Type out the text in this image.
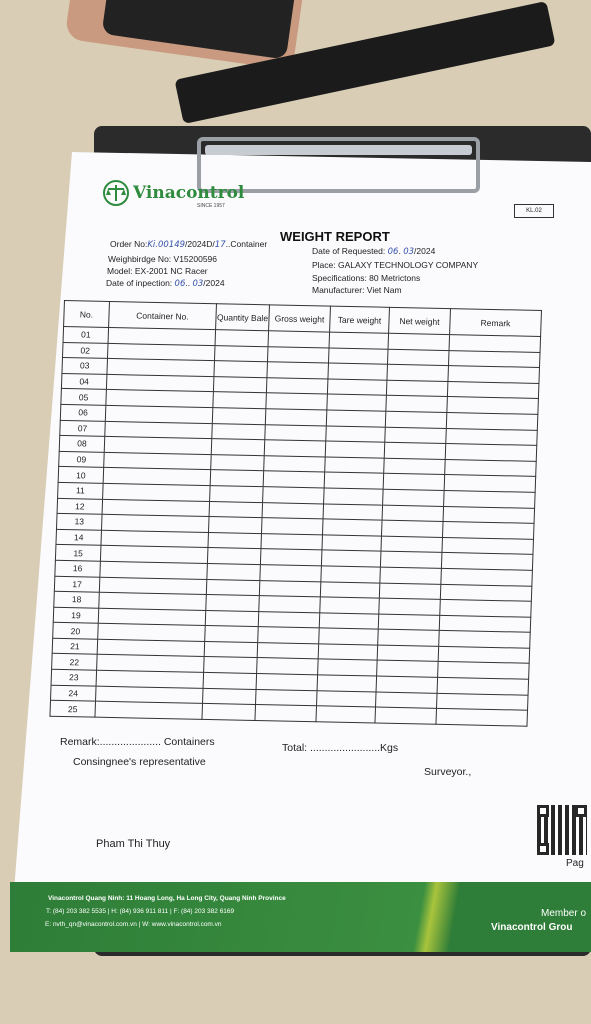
Vinacontrol
SINCE 1957
KL.02
WEIGHT REPORT
Order No:Ki.00149/2024D/17..Container
Weighbirdge No: V15200596
Model: EX-2001 NC Racer
Date of inpection: 06.. 03/2024
Date of Requested: 06. 03/2024
Place: GALAXY TECHNOLOGY COMPANY
Specifications: 80 Metrictons
Manufacturer: Viet Nam
No.	Container No.	Quantity Bale	Gross weight	Tare weight	Net weight	Remark
01						
02						
03						
04						
05						
06						
07						
08						
09						
10						
11						
12						
13						
14						
15						
16						
17						
18						
19						
20						
21						
22						
23						
24						
25						
Remark:..................... Containers	Total: ........................Kgs
Consingnee's representative
Surveyor.,
Pham Thi Thuy
Pag
Vinacontrol Quang Ninh: 11 Hoang Long, Ha Long City, Quang Ninh Province
T: (84) 203 382 5535 | H: (84) 936 911 811 | F: (84) 203 382 6169
E: nvth_qn@vinacontrol.com.vn | W: www.vinacontrol.com.vn
Member o
Vinacontrol Grou
